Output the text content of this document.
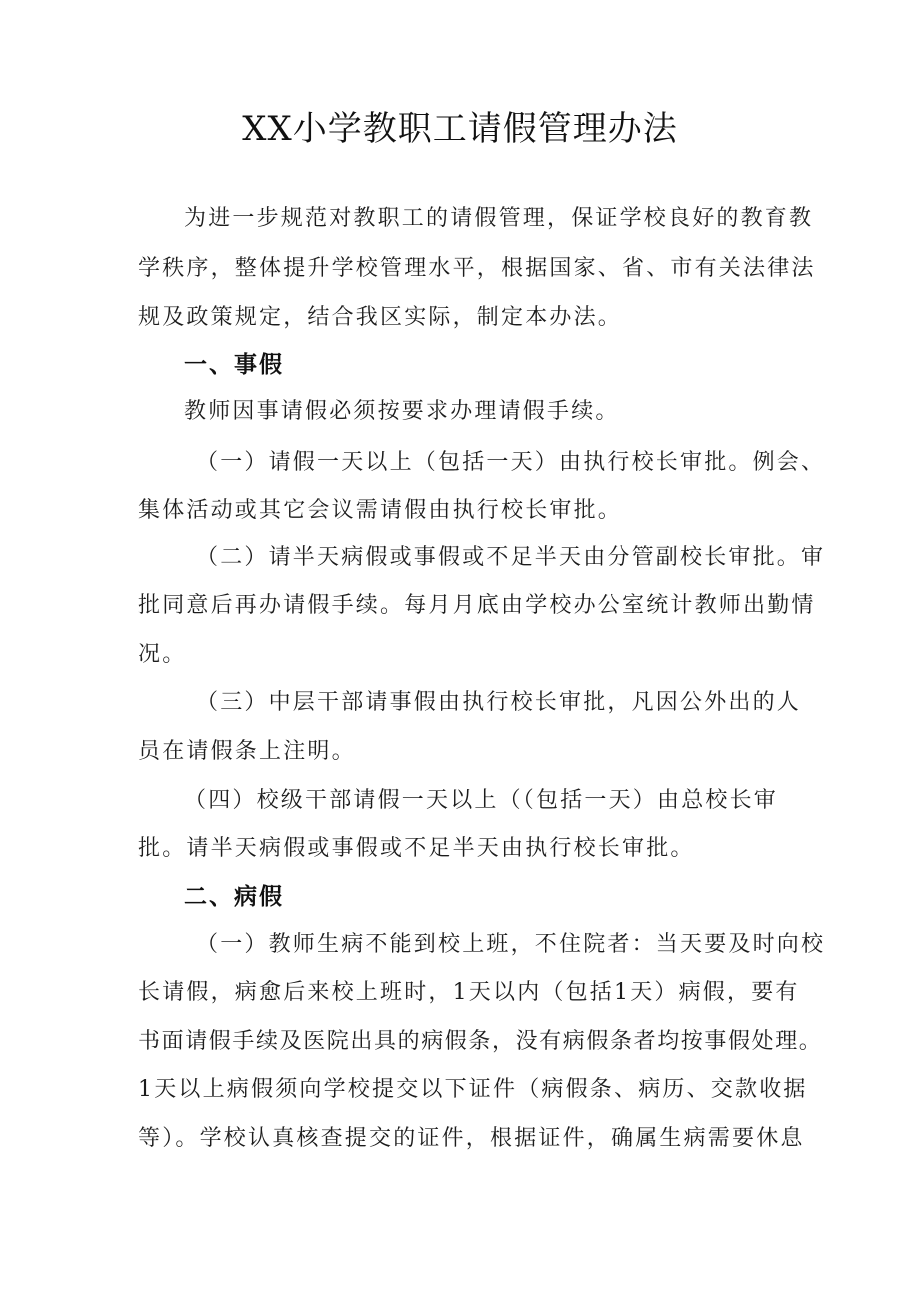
XX小学教职工请假管理办法
为进一步规范对教职工的请假管理，保证学校良好的教育教
学秩序，整体提升学校管理水平，根据国家、省、市有关法律法
规及政策规定，结合我区实际，制定本办法。
一、事假
教师因事请假必须按要求办理请假手续。
（一）请假一天以上（包括一天）由执行校长审批。例会、
集体活动或其它会议需请假由执行校长审批。
（二）请半天病假或事假或不足半天由分管副校长审批。审
批同意后再办请假手续。每月月底由学校办公室统计教师出勤情
况。
（三）中层干部请事假由执行校长审批，凡因公外出的人
员在请假条上注明。
（四）校级干部请假一天以上（（包括一天）由总校长审
批。请半天病假或事假或不足半天由执行校长审批。
二、病假
（一）教师生病不能到校上班，不住院者：当天要及时向校
长请假，病愈后来校上班时，1天以内（包括1天）病假，要有
书面请假手续及医院出具的病假条，没有病假条者均按事假处理。
1天以上病假须向学校提交以下证件（病假条、病历、交款收据
等）。学校认真核查提交的证件，根据证件，确属生病需要休息
